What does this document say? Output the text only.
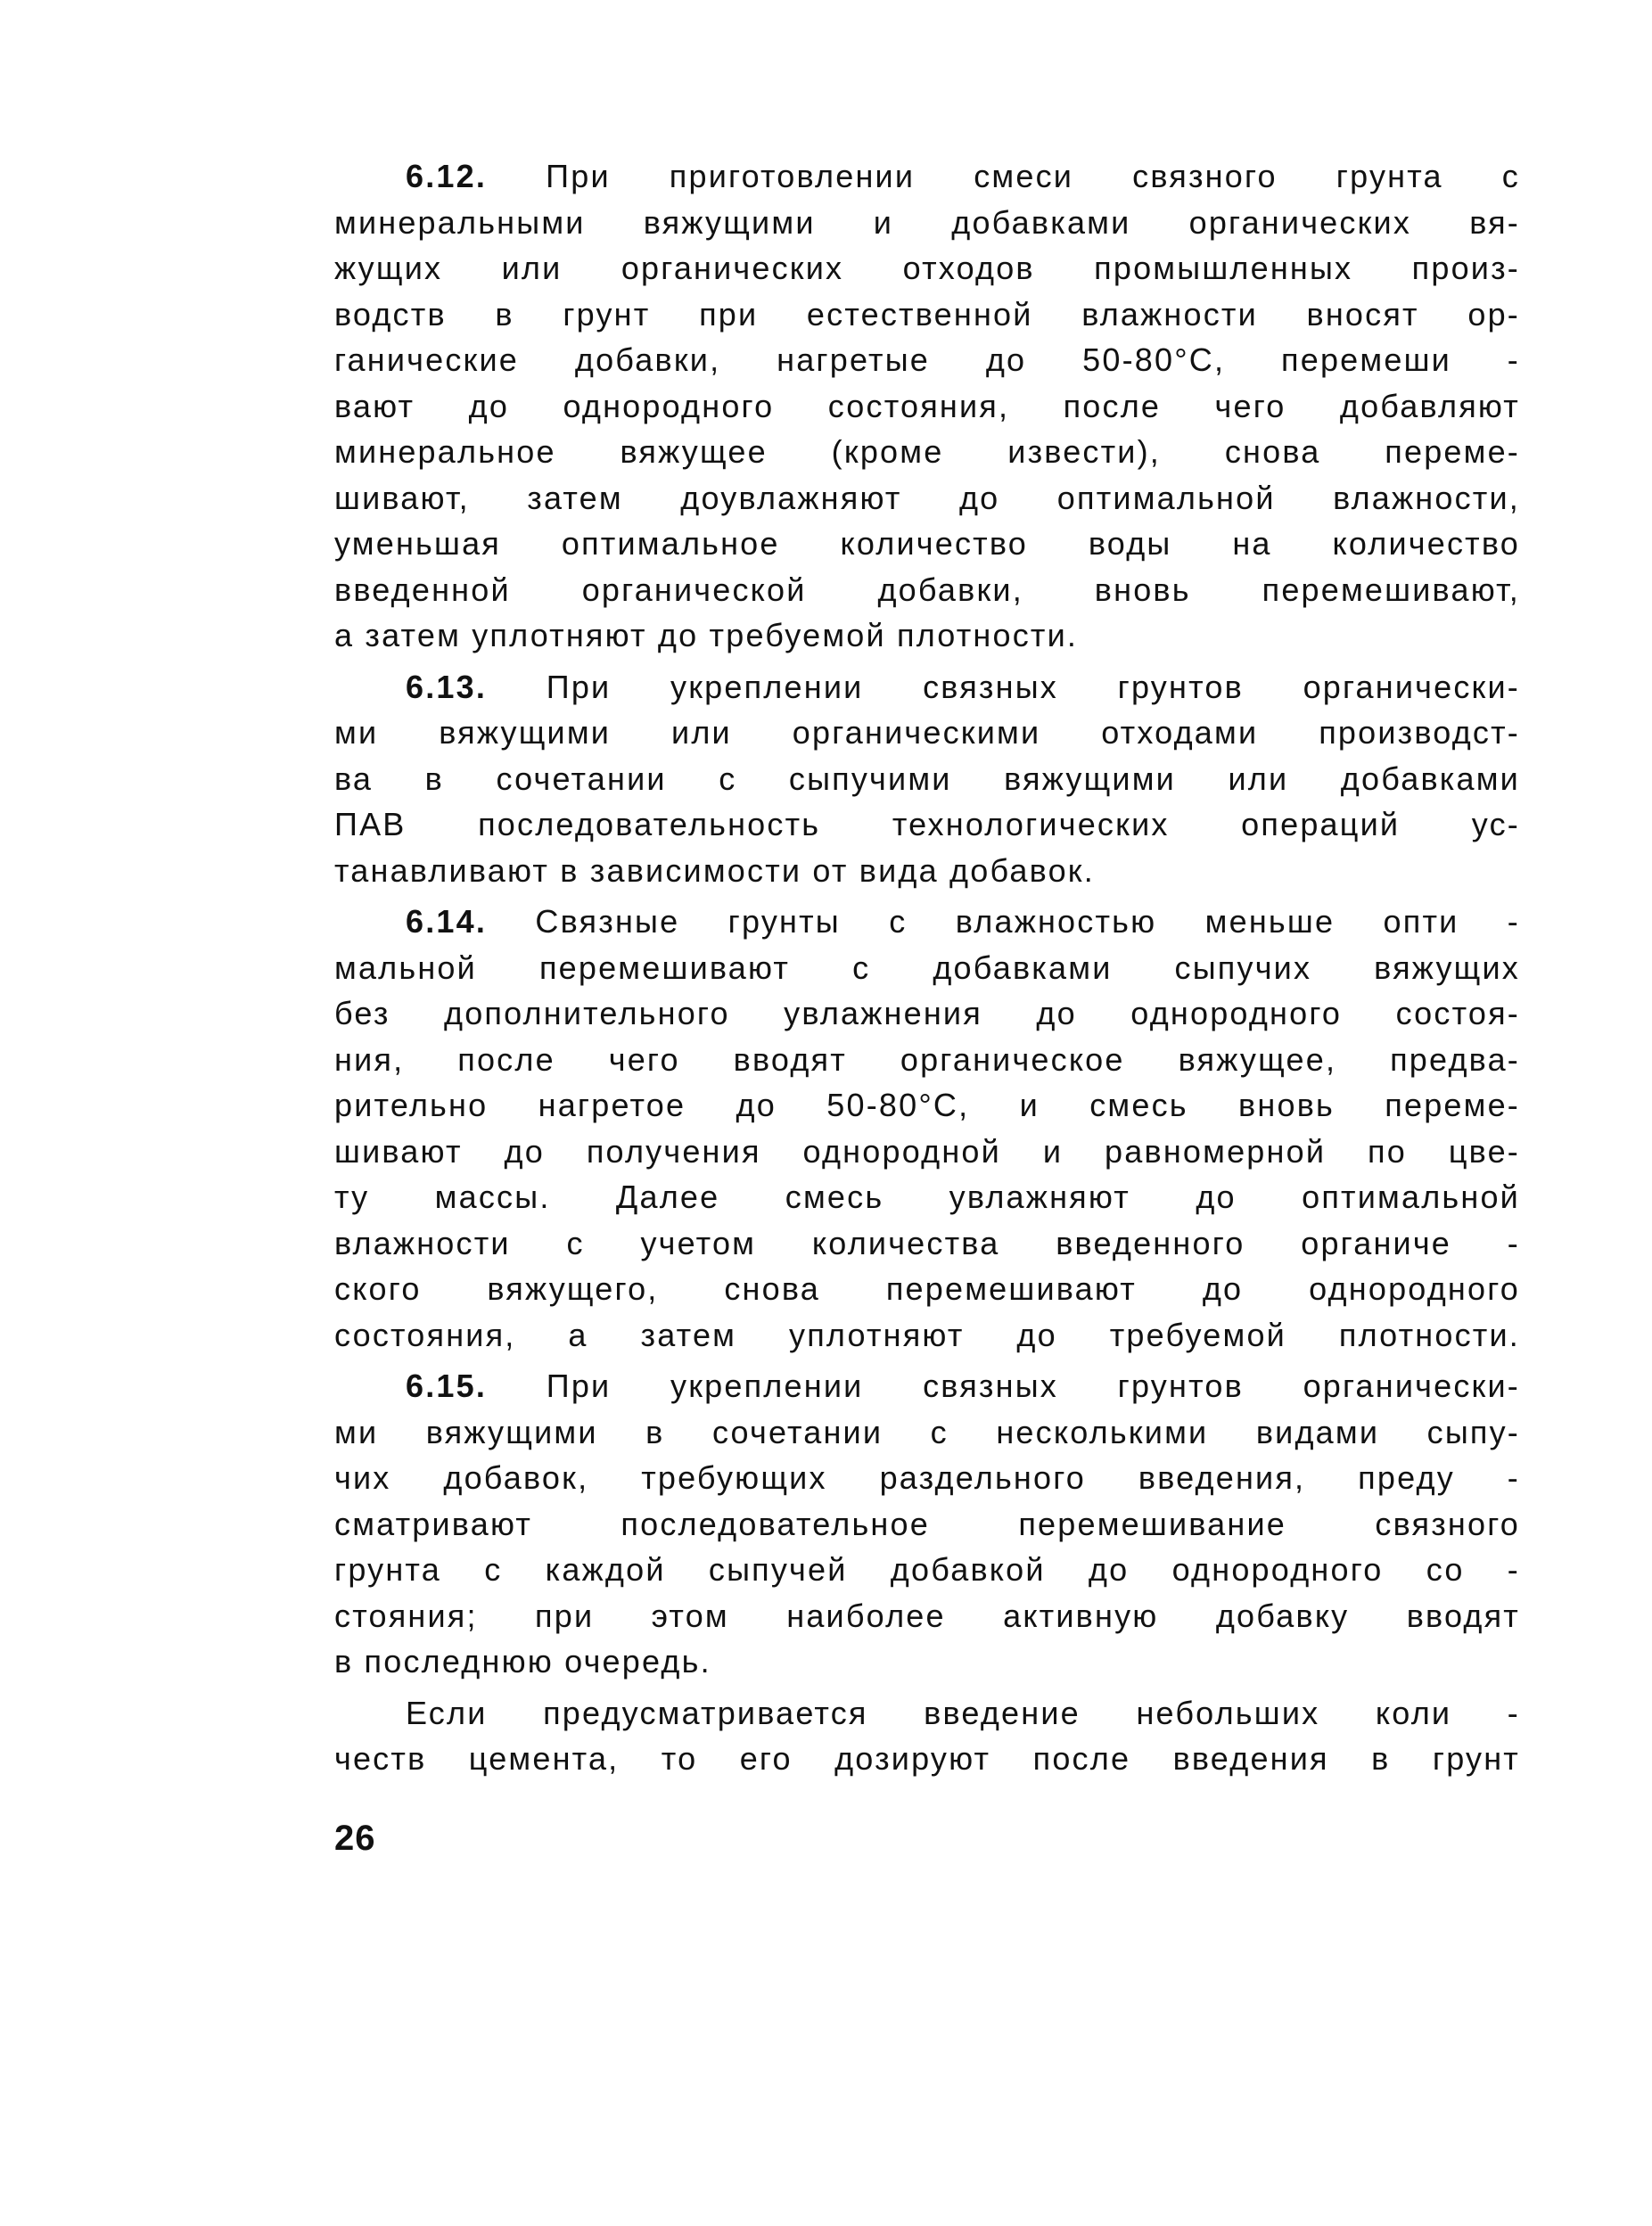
6.12. При приготовлении смеси связного грунта с
минеральными вяжущими и добавками органических вя-
жущих или органических отходов промышленных произ-
водств в грунт при естественной влажности вносят ор-
ганические добавки, нагретые до 50-80°С, перемеши -
вают до однородного состояния, после чего добавляют
минеральное вяжущее (кроме извести), снова переме-
шивают, затем доувлажняют до оптимальной влажности,
уменьшая оптимальное количество воды на количество
введенной органической добавки, вновь перемешивают,
а затем уплотняют до требуемой плотности.
6.13. При укреплении связных грунтов органически-
ми вяжущими или органическими отходами производст-
ва в сочетании с сыпучими вяжущими или добавками
ПАВ последовательность технологических операций ус-
танавливают в зависимости от вида добавок.
6.14. Связные грунты с влажностью меньше опти -
мальной перемешивают с добавками сыпучих вяжущих
без дополнительного увлажнения до однородного состоя-
ния, после чего вводят органическое вяжущее, предва-
рительно нагретое до 50-80°С, и смесь вновь переме-
шивают до получения однородной и равномерной по цве-
ту массы. Далее смесь увлажняют до оптимальной
влажности с учетом количества введенного органиче -
ского вяжущего, снова перемешивают до однородного
состояния, а затем уплотняют до требуемой плотности.
6.15. При укреплении связных грунтов органически-
ми вяжущими в сочетании с несколькими видами сыпу-
чих добавок, требующих раздельного введения, преду -
сматривают последовательное перемешивание связного
грунта с каждой сыпучей добавкой до однородного со -
стояния; при этом наиболее активную добавку вводят
в последнюю очередь.
Если предусматривается введение небольших коли -
честв цемента, то его дозируют после введения в грунт
26
